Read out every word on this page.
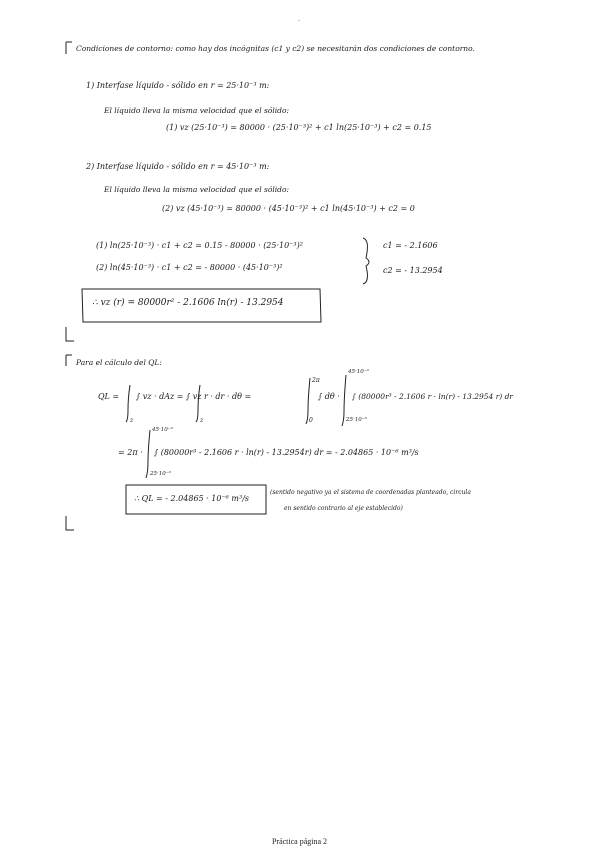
.
Condiciones de contorno: como hay dos incógnitas (c1 y c2) se necesitarán dos condiciones de contorno.
1) Interfase líquido - sólido en r = 25·10⁻³ m:
El líquido lleva la misma velocidad que el sólido:
(1) vz (25·10⁻³) = 80000 · (25·10⁻³)² + c1 ln(25·10⁻³) + c2 = 0.15
2) Interfase líquido - sólido en r = 45·10⁻³ m:
El líquido lleva la misma velocidad que el sólido:
(2) vz (45·10⁻³) = 80000 · (45·10⁻³)² + c1 ln(45·10⁻³) + c2 = 0
(1) ln(25·10⁻³) · c1 + c2 = 0.15 - 80000 · (25·10⁻³)²
(2) ln(45·10⁻³) · c1 + c2 = - 80000 · (45·10⁻³)²
c1 = - 2.1606
c2 = - 13.2954
∴ vz (r) = 80000r² - 2.1606 ln(r) - 13.2954
Para el cálculo del QL:
QL = ∫ vz · dAz = ∫ vz r · dr · dθ =
z	z
2π
0
∫ dθ ·
45·10⁻³
25·10⁻³
∫ (80000r³ - 2.1606 r · ln(r) - 13.2954 r) dr
= 2π ·
45·10⁻³
25·10⁻³
∫ (80000r³ - 2.1606 r · ln(r) - 13.2954r) dr = - 2.04865 · 10⁻⁶ m³/s
∴ QL = - 2.04865 · 10⁻⁶ m³/s
(sentido negativo ya el sistema de coordenadas planteado, circula
en sentido contrario al eje establecido)
Práctica página 2
